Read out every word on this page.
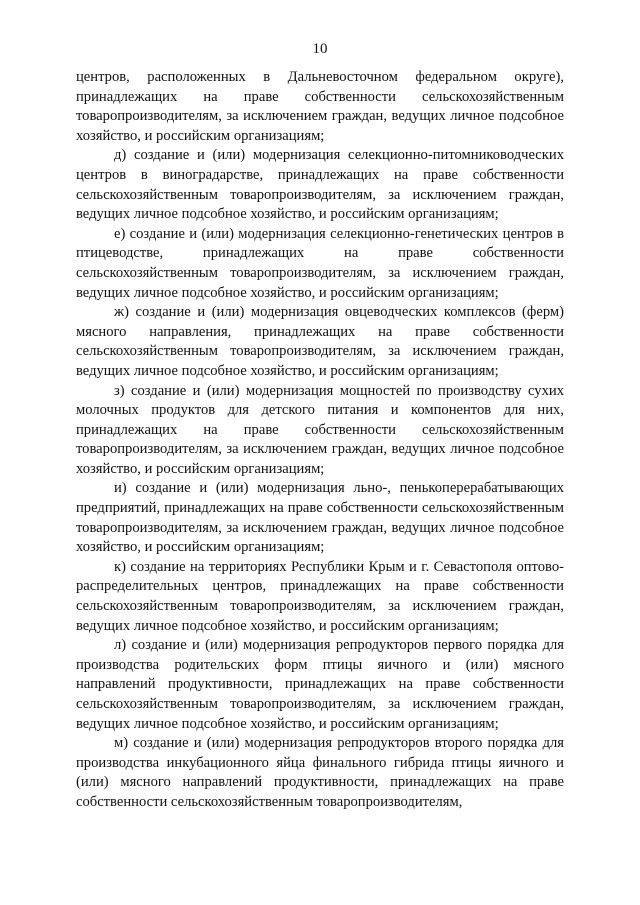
10

центров, расположенных в Дальневосточном федеральном округе), принадлежащих на праве собственности сельскохозяйственным товаропроизводителям, за исключением граждан, ведущих личное подсобное хозяйство, и российским организациям;

д) создание и (или) модернизация селекционно-питомниководческих центров в виноградарстве, принадлежащих на праве собственности сельскохозяйственным товаропроизводителям, за исключением граждан, ведущих личное подсобное хозяйство, и российским организациям;

е) создание и (или) модернизация селекционно-генетических центров в птицеводстве, принадлежащих на праве собственности сельскохозяйственным товаропроизводителям, за исключением граждан, ведущих личное подсобное хозяйство, и российским организациям;

ж) создание и (или) модернизация овцеводческих комплексов (ферм) мясного направления, принадлежащих на праве собственности сельскохозяйственным товаропроизводителям, за исключением граждан, ведущих личное подсобное хозяйство, и российским организациям;

з) создание и (или) модернизация мощностей по производству сухих молочных продуктов для детского питания и компонентов для них, принадлежащих на праве собственности сельскохозяйственным товаропроизводителям, за исключением граждан, ведущих личное подсобное хозяйство, и российским организациям;

и) создание и (или) модернизация льно-, пенькоперерабатывающих предприятий, принадлежащих на праве собственности сельскохозяйственным товаропроизводителям, за исключением граждан, ведущих личное подсобное хозяйство, и российским организациям;

к) создание на территориях Республики Крым и г. Севастополя оптово-распределительных центров, принадлежащих на праве собственности сельскохозяйственным товаропроизводителям, за исключением граждан, ведущих личное подсобное хозяйство, и российским организациям;

л) создание и (или) модернизация репродукторов первого порядка для производства родительских форм птицы яичного и (или) мясного направлений продуктивности, принадлежащих на праве собственности сельскохозяйственным товаропроизводителям, за исключением граждан, ведущих личное подсобное хозяйство, и российским организациям;

м) создание и (или) модернизация репродукторов второго порядка для производства инкубационного яйца финального гибрида птицы яичного и (или) мясного направлений продуктивности, принадлежащих на праве собственности сельскохозяйственным товаропроизводителям,
